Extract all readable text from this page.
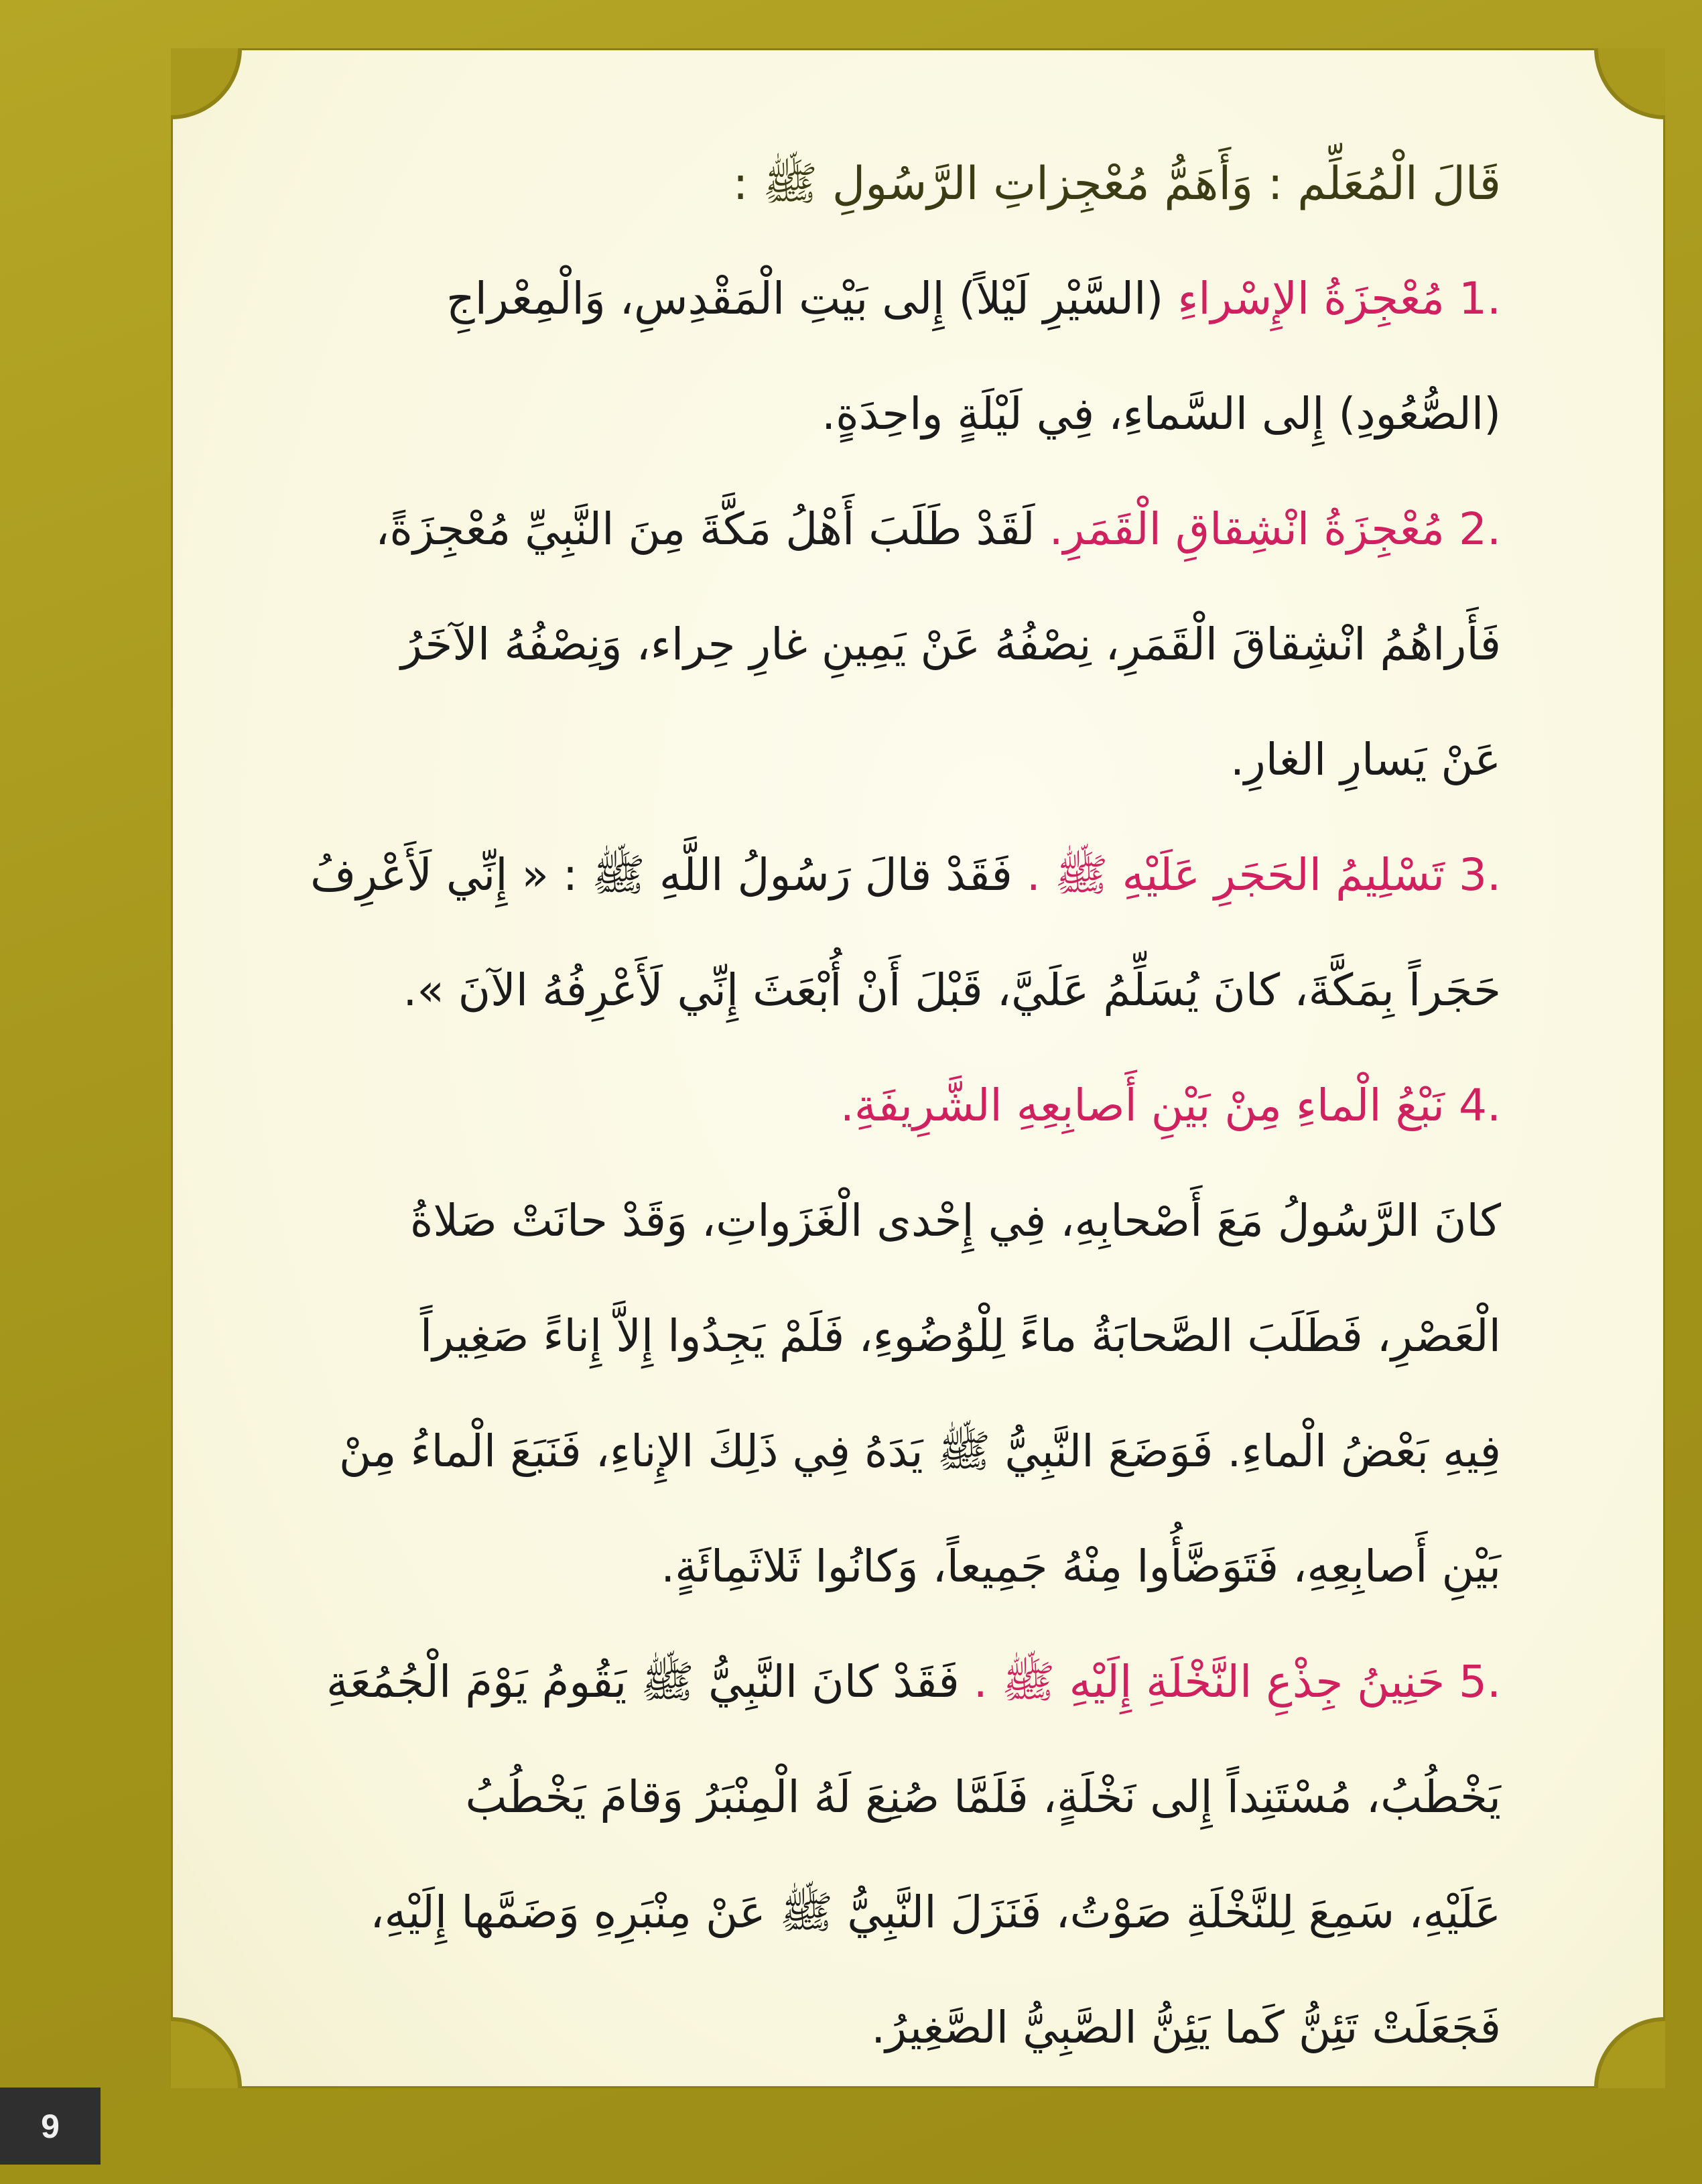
قَالَ الْمُعَلِّم : وَأَهَمُّ مُعْجِزاتِ الرَّسُولِ ﷺ :
.1 مُعْجِزَةُ الإِسْراءِ (السَّيْرِ لَيْلاً) إِلى بَيْتِ الْمَقْدِسِ، وَالْمِعْراجِ
(الصُّعُودِ) إِلى السَّماءِ، فِي لَيْلَةٍ واحِدَةٍ.
.2 مُعْجِزَةُ انْشِقاقِ الْقَمَرِ. لَقَدْ طَلَبَ أَهْلُ مَكَّةَ مِنَ النَّبِيِّ مُعْجِزَةً،
فَأَراهُمُ انْشِقاقَ الْقَمَرِ، نِصْفُهُ عَنْ يَمِينِ غارِ حِراء، وَنِصْفُهُ الآخَرُ
عَنْ يَسارِ الغارِ.
.3 تَسْلِيمُ الحَجَرِ عَلَيْهِ ﷺ . فَقَدْ قالَ رَسُولُ اللَّهِ ﷺ : « إِنِّي لَأَعْرِفُ
حَجَراً بِمَكَّةَ، كانَ يُسَلِّمُ عَلَيَّ، قَبْلَ أَنْ أُبْعَثَ إِنِّي لَأَعْرِفُهُ الآنَ ».
.4 نَبْعُ الْماءِ مِنْ بَيْنِ أَصابِعِهِ الشَّرِيفَةِ.
كانَ الرَّسُولُ مَعَ أَصْحابِهِ، فِي إِحْدى الْغَزَواتِ، وَقَدْ حانَتْ صَلاةُ
الْعَصْرِ، فَطَلَبَ الصَّحابَةُ ماءً لِلْوُضُوءِ، فَلَمْ يَجِدُوا إِلاَّ إِناءً صَغِيراً
فِيهِ بَعْضُ الْماءِ. فَوَضَعَ النَّبِيُّ ﷺ يَدَهُ فِي ذَلِكَ الإِناءِ، فَنَبَعَ الْماءُ مِنْ
بَيْنِ أَصابِعِهِ، فَتَوَضَّأُوا مِنْهُ جَمِيعاً، وَكانُوا ثَلاثَمِائَةٍ.
.5 حَنِينُ جِذْعِ النَّخْلَةِ إِلَيْهِ ﷺ . فَقَدْ كانَ النَّبِيُّ ﷺ يَقُومُ يَوْمَ الْجُمُعَةِ
يَخْطُبُ، مُسْتَنِداً إِلى نَخْلَةٍ، فَلَمَّا صُنِعَ لَهُ الْمِنْبَرُ وَقامَ يَخْطُبُ
عَلَيْهِ، سَمِعَ لِلنَّخْلَةِ صَوْتُ، فَنَزَلَ النَّبِيُّ ﷺ عَنْ مِنْبَرِهِ وَضَمَّها إِلَيْهِ،
فَجَعَلَتْ تَئِنُّ كَما يَئِنُّ الصَّبِيُّ الصَّغِيرُ.
9
